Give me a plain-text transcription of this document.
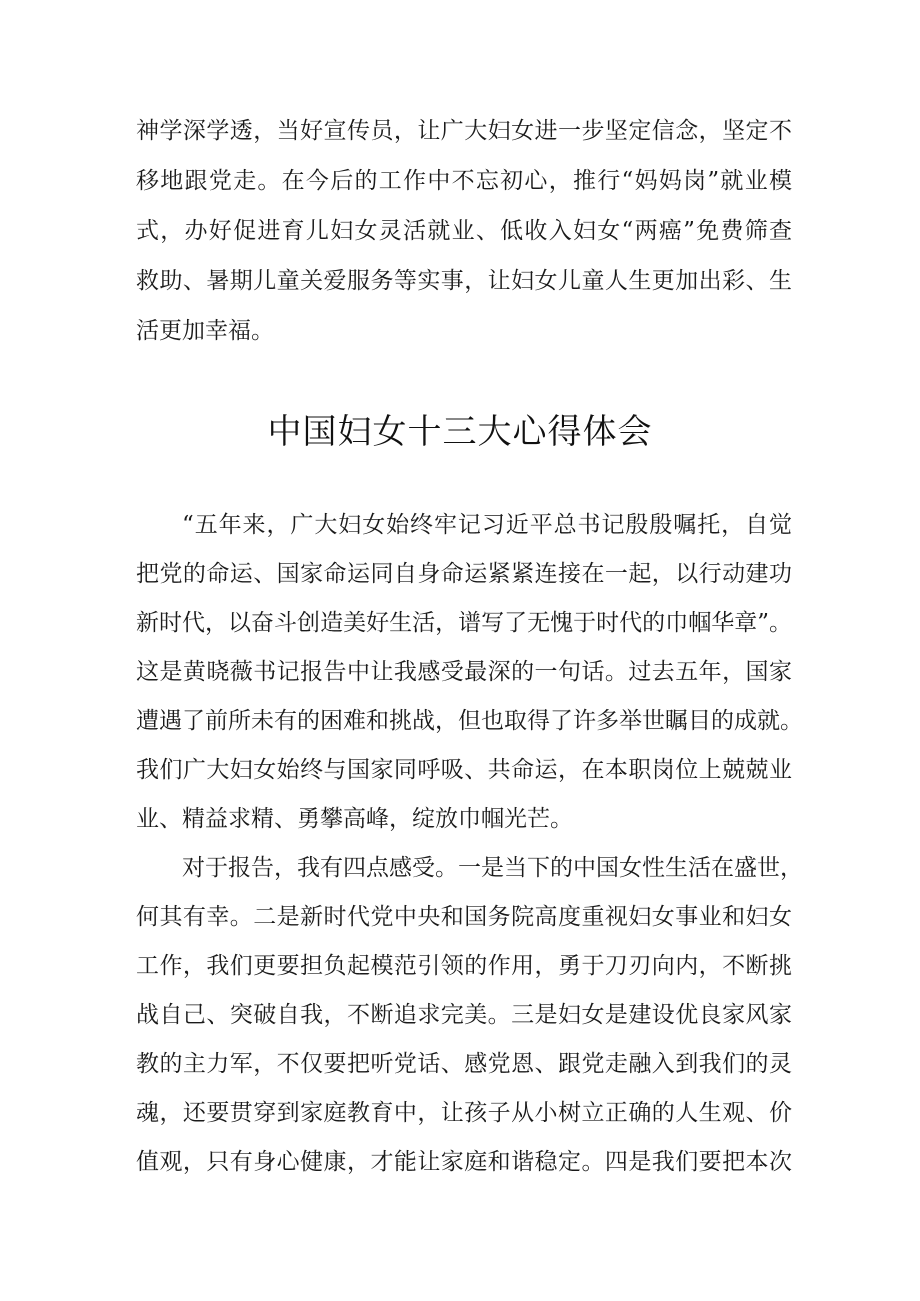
神学深学透，当好宣传员，让广大妇女进一步坚定信念，坚定不
移地跟党走。在今后的工作中不忘初心，推行“妈妈岗”就业模
式，办好促进育儿妇女灵活就业、低收入妇女“两癌”免费筛查
救助、暑期儿童关爱服务等实事，让妇女儿童人生更加出彩、生
活更加幸福。
中国妇女十三大心得体会
“五年来，广大妇女始终牢记习近平总书记殷殷嘱托，自觉
把党的命运、国家命运同自身命运紧紧连接在一起，以行动建功
新时代，以奋斗创造美好生活，谱写了无愧于时代的巾帼华章”。
这是黄晓薇书记报告中让我感受最深的一句话。过去五年，国家
遭遇了前所未有的困难和挑战，但也取得了许多举世瞩目的成就。
我们广大妇女始终与国家同呼吸、共命运，在本职岗位上兢兢业
业、精益求精、勇攀高峰，绽放巾帼光芒。
对于报告，我有四点感受。一是当下的中国女性生活在盛世，
何其有幸。二是新时代党中央和国务院高度重视妇女事业和妇女
工作，我们更要担负起模范引领的作用，勇于刀刃向内，不断挑
战自己、突破自我，不断追求完美。三是妇女是建设优良家风家
教的主力军，不仅要把听党话、感党恩、跟党走融入到我们的灵
魂，还要贯穿到家庭教育中，让孩子从小树立正确的人生观、价
值观，只有身心健康，才能让家庭和谐稳定。四是我们要把本次
